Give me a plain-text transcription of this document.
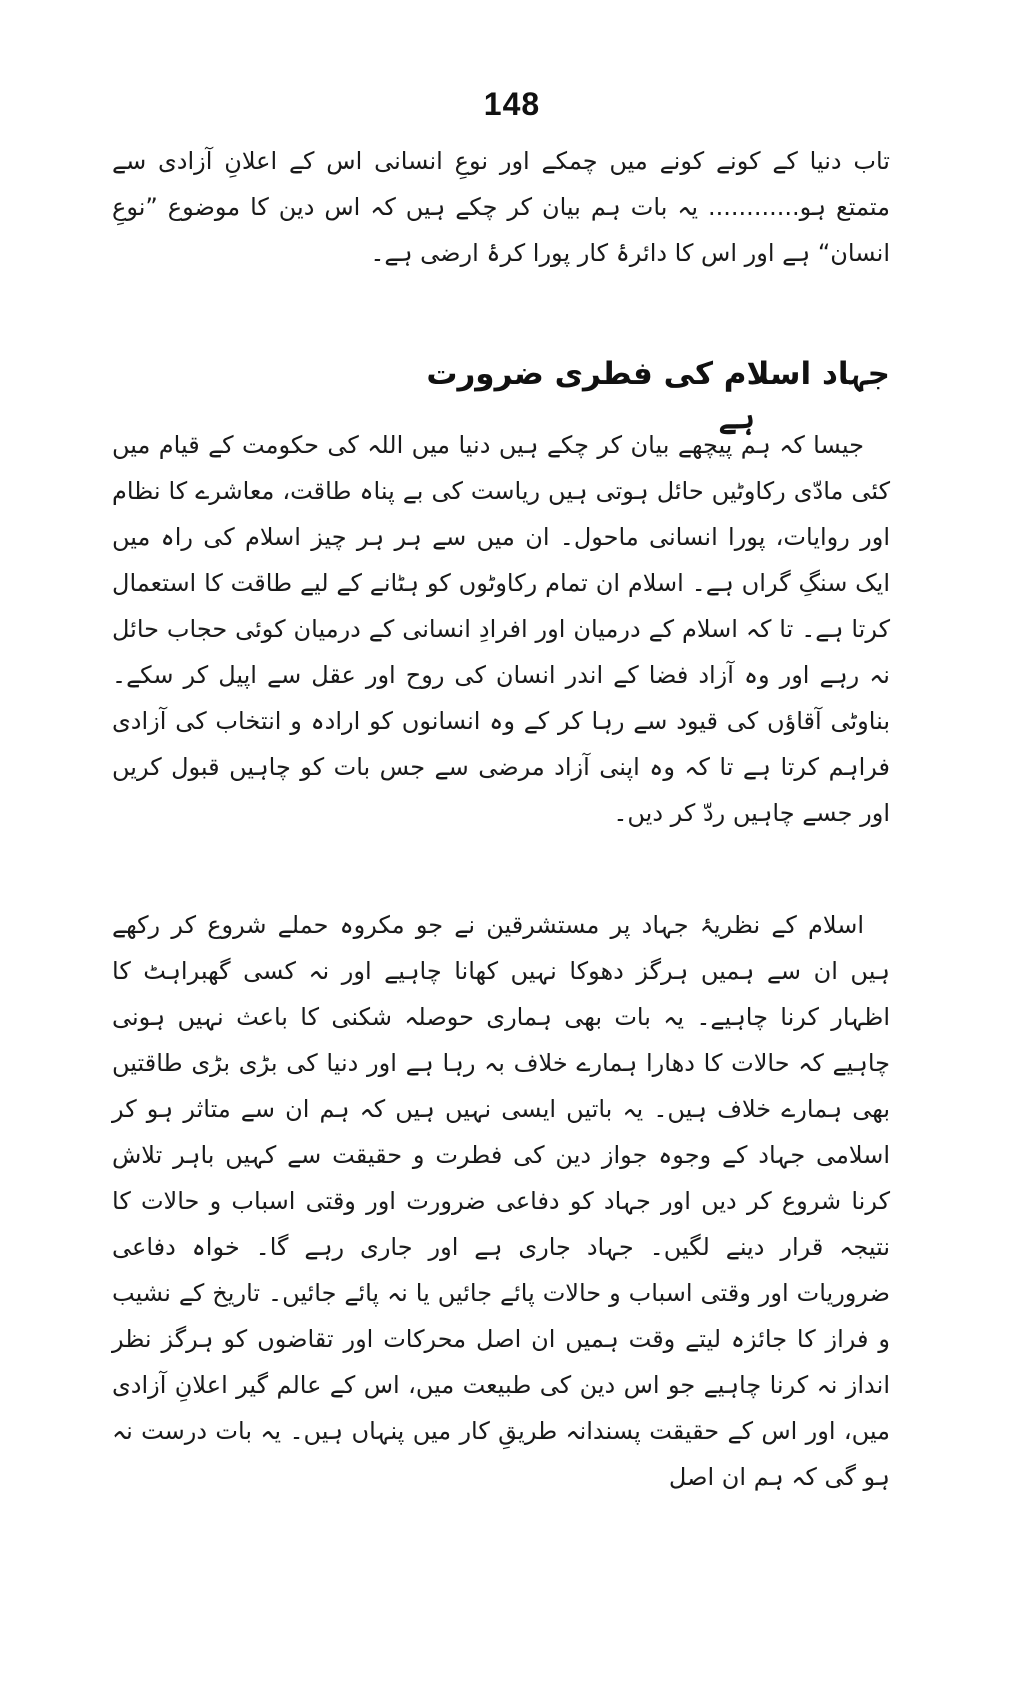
148

تاب دنیا کے کونے کونے میں چمکے اور نوعِ انسانی اس کے اعلانِ آزادی سے متمتع ہو............ یہ بات ہم بیان کر چکے ہیں کہ اس دین کا موضوع ”نوعِ انسان“ ہے اور اس کا دائرۂ کار پورا کرۂ ارضی ہے۔

جہاد اسلام کی فطری ضرورت
ہے

جیسا کہ ہم پیچھے بیان کر چکے ہیں دنیا میں اللہ کی حکومت کے قیام میں کئی مادّی رکاوٹیں حائل ہوتی ہیں ریاست کی بے پناہ طاقت، معاشرے کا نظام اور روایات، پورا انسانی ماحول۔ ان میں سے ہر ہر چیز اسلام کی راہ میں ایک سنگِ گراں ہے۔ اسلام ان تمام رکاوٹوں کو ہٹانے کے لیے طاقت کا استعمال کرتا ہے۔ تا کہ اسلام کے درمیان اور افرادِ انسانی کے درمیان کوئی حجاب حائل نہ رہے اور وہ آزاد فضا کے اندر انسان کی روح اور عقل سے اپیل کر سکے۔ بناوٹی آقاؤں کی قیود سے رہا کر کے وہ انسانوں کو ارادہ و انتخاب کی آزادی فراہم کرتا ہے تا کہ وہ اپنی آزاد مرضی سے جس بات کو چاہیں قبول کریں اور جسے چاہیں ردّ کر دیں۔

اسلام کے نظریۂ جہاد پر مستشرقین نے جو مکروہ حملے شروع کر رکھے ہیں ان سے ہمیں ہرگز دھوکا نہیں کھانا چاہیے اور نہ کسی گھبراہٹ کا اظہار کرنا چاہیے۔ یہ بات بھی ہماری حوصلہ شکنی کا باعث نہیں ہونی چاہیے کہ حالات کا دھارا ہمارے خلاف بہ رہا ہے اور دنیا کی بڑی بڑی طاقتیں بھی ہمارے خلاف ہیں۔ یہ باتیں ایسی نہیں ہیں کہ ہم ان سے متاثر ہو کر اسلامی جہاد کے وجوہ جواز دین کی فطرت و حقیقت سے کہیں باہر تلاش کرنا شروع کر دیں اور جہاد کو دفاعی ضرورت اور وقتی اسباب و حالات کا نتیجہ قرار دینے لگیں۔ جہاد جاری ہے اور جاری رہے گا۔ خواہ دفاعی ضروریات اور وقتی اسباب و حالات پائے جائیں یا نہ پائے جائیں۔ تاریخ کے نشیب و فراز کا جائزہ لیتے وقت ہمیں ان اصل محرکات اور تقاضوں کو ہرگز نظر انداز نہ کرنا چاہیے جو اس دین کی طبیعت میں، اس کے عالم گیر اعلانِ آزادی میں، اور اس کے حقیقت پسندانہ طریقِ کار میں پنہاں ہیں۔ یہ بات درست نہ ہو گی کہ ہم ان اصل
